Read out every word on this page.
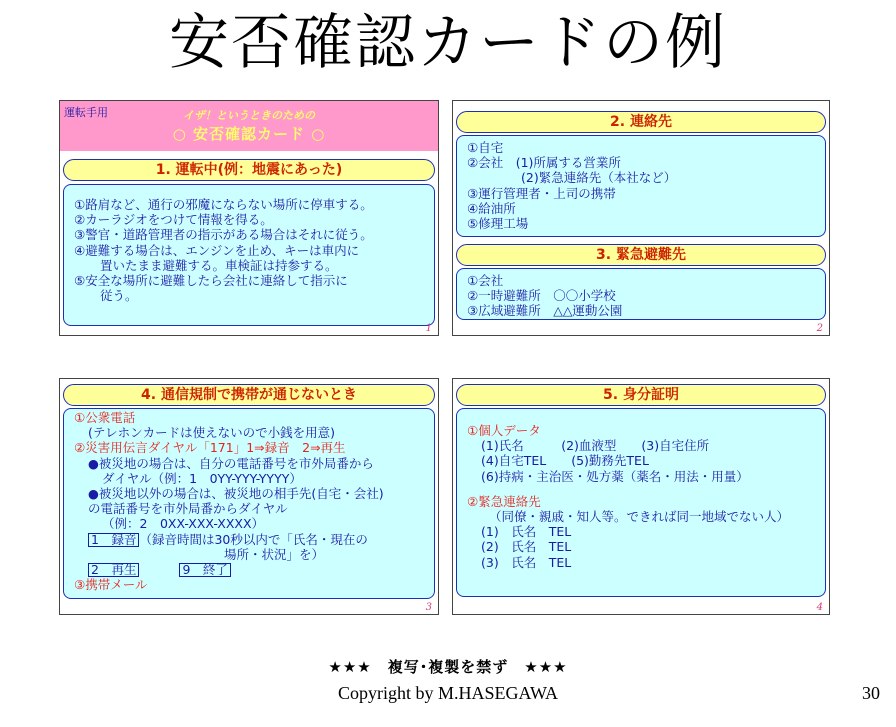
安否確認カードの例
運転手用	イザ！というときのための
○ 安否確認カード ○
1. 運転中(例：地震にあった)
①路肩など、通行の邪魔にならない場所に停車する。
②カーラジオをつけて情報を得る。
③警官・道路管理者の指示がある場合はそれに従う。
④避難する場合は、エンジンを止め、キーは車内に
置いたまま避難する。車検証は持参する。
⑤安全な場所に避難したら会社に連絡して指示に
従う。
1
2. 連絡先
①自宅
②会社　(1)所属する営業所
(2)緊急連絡先（本社など）
③運行管理者・上司の携帯
④給油所
⑤修理工場
3. 緊急避難先
①会社
②一時避難所　〇〇小学校
③広域避難所　△△運動公園
2
4. 通信規制で携帯が通じないとき
①公衆電話
(テレホンカードは使えないので小銭を用意)
②災害用伝言ダイヤル「171」1⇒録音　2⇒再生
●被災地の場合は、自分の電話番号を市外局番から
ダイヤル（例：1　0YY-YYY-YYYY）
●被災地以外の場合は、被災地の相手先(自宅・会社)
の電話番号を市外局番からダイヤル
（例：2　0XX-XXX-XXXX）
1　録音 （録音時間は30秒以内で「氏名・現在の
場所・状況」を）
2　再生	9　終了
③携帯メール
3
5. 身分証明
①個人データ
(1)氏名　　　(2)血液型　　(3)自宅住所
(4)自宅TEL　　(5)勤務先TEL
(6)持病・主治医・処方薬（薬名・用法・用量）
②緊急連絡先
（同僚・親戚・知人等。できれば同一地域でない人）
(1)　氏名　TEL
(2)　氏名　TEL
(3)　氏名　TEL
4
★★★　複写･複製を禁ず　★★★
Copyright by M.HASEGAWA	30
